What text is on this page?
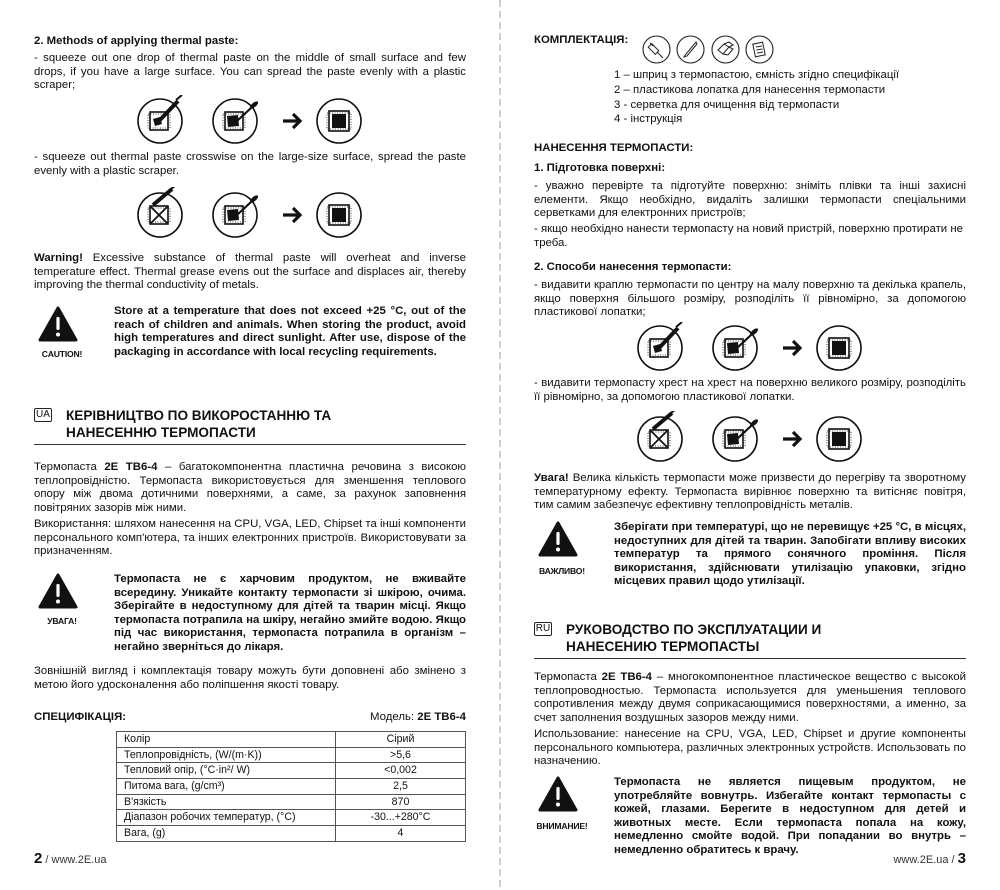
2. Methods of applying thermal paste:
- squeeze out one drop of thermal paste on the middle of small surface and few drops, if you have a large surface. You can spread the paste evenly with a plastic scraper;
- squeeze out thermal paste crosswise on the large-size surface, spread the paste evenly with a plastic scraper.
Warning! Excessive substance of thermal paste will overheat and inverse temperature effect. Thermal grease evens out the surface and displaces air, thereby improving the thermal conductivity of metals.
CAUTION!
Store at a temperature that does not exceed +25 °C, out of the reach of children and animals. When storing the product, avoid high temperatures and direct sunlight. After use, dispose of the packaging in accordance with local recycling requirements.
UA КЕРІВНИЦТВО ПО ВИКОРОСТАННЮ ТА
НАНЕСЕННЮ ТЕРМОПАСТИ
Термопаста 2E TB6-4 – багатокомпонентна пластична речовина з високою теплопровідністю. Термопаста використовується для зменшення теплового опору між двома дотичними поверхнями, а саме, за рахунок заповнення повітряних зазорів між ними.
Використання: шляхом нанесення на CPU, VGA, LED, Chipset та інші компоненти персонального комп'ютера, та інших електронних пристроїв. Використовувати за призначенням.
УВАГА!
Термопаста не є харчовим продуктом, не вживайте всередину. Уникайте контакту термопасти зі шкірою, очима. Зберігайте в недоступному для дітей та тварин місці. Якщо термопаста потрапила на шкіру, негайно змийте водою. Якщо під час використання, термопаста потрапила в організм – негайно зверніться до лікаря.
Зовнішній вигляд і комплектація товару можуть бути доповнені або змінено з метою його удосконалення або поліпшення якості товару.
СПЕЦИФІКАЦІЯ:	Модель: 2E TB6-4
Колір	Сірий
Теплопровідність, (W/(m·K))	>5,6
Тепловий опір, (°C·in²/ W)	<0,002
Питома вага, (g/cm³)	2,5
В'язкість	870
Діапазон робочих температур, (°C)	-30...+280°C
Вага, (g)	4
2 / www.2E.ua
КОМПЛЕКТАЦІЯ:
1 – шприц з термопастою, ємність згідно специфікації
2 – пластикова лопатка для нанесення термопасти
3 - серветка для очищення від термопасти
4 - інструкція
НАНЕСЕННЯ ТЕРМОПАСТИ:
1. Підготовка поверхні:
- уважно перевірте та підготуйте поверхню: зніміть плівки та інші захисні елементи. Якщо необхідно, видаліть залишки термопасти спеціальними серветками для електронних пристроїв;
- якщо необхідно нанести термопасту на новий пристрій, поверхню протирати не треба.
2. Способи нанесення термопасти:
- видавити краплю термопасти по центру на малу поверхню та декілька крапель, якщо поверхня більшого розміру, розподіліть її рівномірно, за допомогою пластикової лопатки;
- видавити термопасту хрест на хрест на поверхню великого розміру, розподіліть її рівномірно, за допомогою пластикової лопатки.
Увага! Велика кількість термопасти може призвести до перегріву та зворотному температурному ефекту. Термопаста вирівнює поверхню та витісняє повітря, тим самим забезпечує ефективну теплопровідність металів.
ВАЖЛИВО!
Зберігати при температурі, що не перевищує +25 °C, в місцях, недоступних для дітей та тварин. Запобігати впливу високих температур та прямого сонячного проміння. Після використання, здійснювати утилізацію упаковки, згідно місцевих правил щодо утилізації.
RU РУКОВОДСТВО ПО ЭКСПЛУАТАЦИИ И
НАНЕСЕНИЮ ТЕРМОПАСТЫ
Термопаста 2E TB6-4 – многокомпонентное пластическое вещество с высокой теплопроводностью. Термопаста используется для уменьшения теплового сопротивления между двумя соприкасающимися поверхностями, а именно, за счет заполнения воздушных зазоров между ними.
Использование: нанесение на CPU, VGA, LED, Chipset и другие компоненты персонального компьютера, различных электронных устройств. Использовать по назначению.
ВНИМАНИЕ!
Термопаста не является пищевым продуктом, не употребляйте вовнутрь. Избегайте контакт термопасты с кожей, глазами. Берегите в недоступном для детей и животных месте. Если термопаста попала на кожу, немедленно смойте водой. При попадании во внутрь – немедленно обратитесь к врачу.
www.2E.ua / 3
